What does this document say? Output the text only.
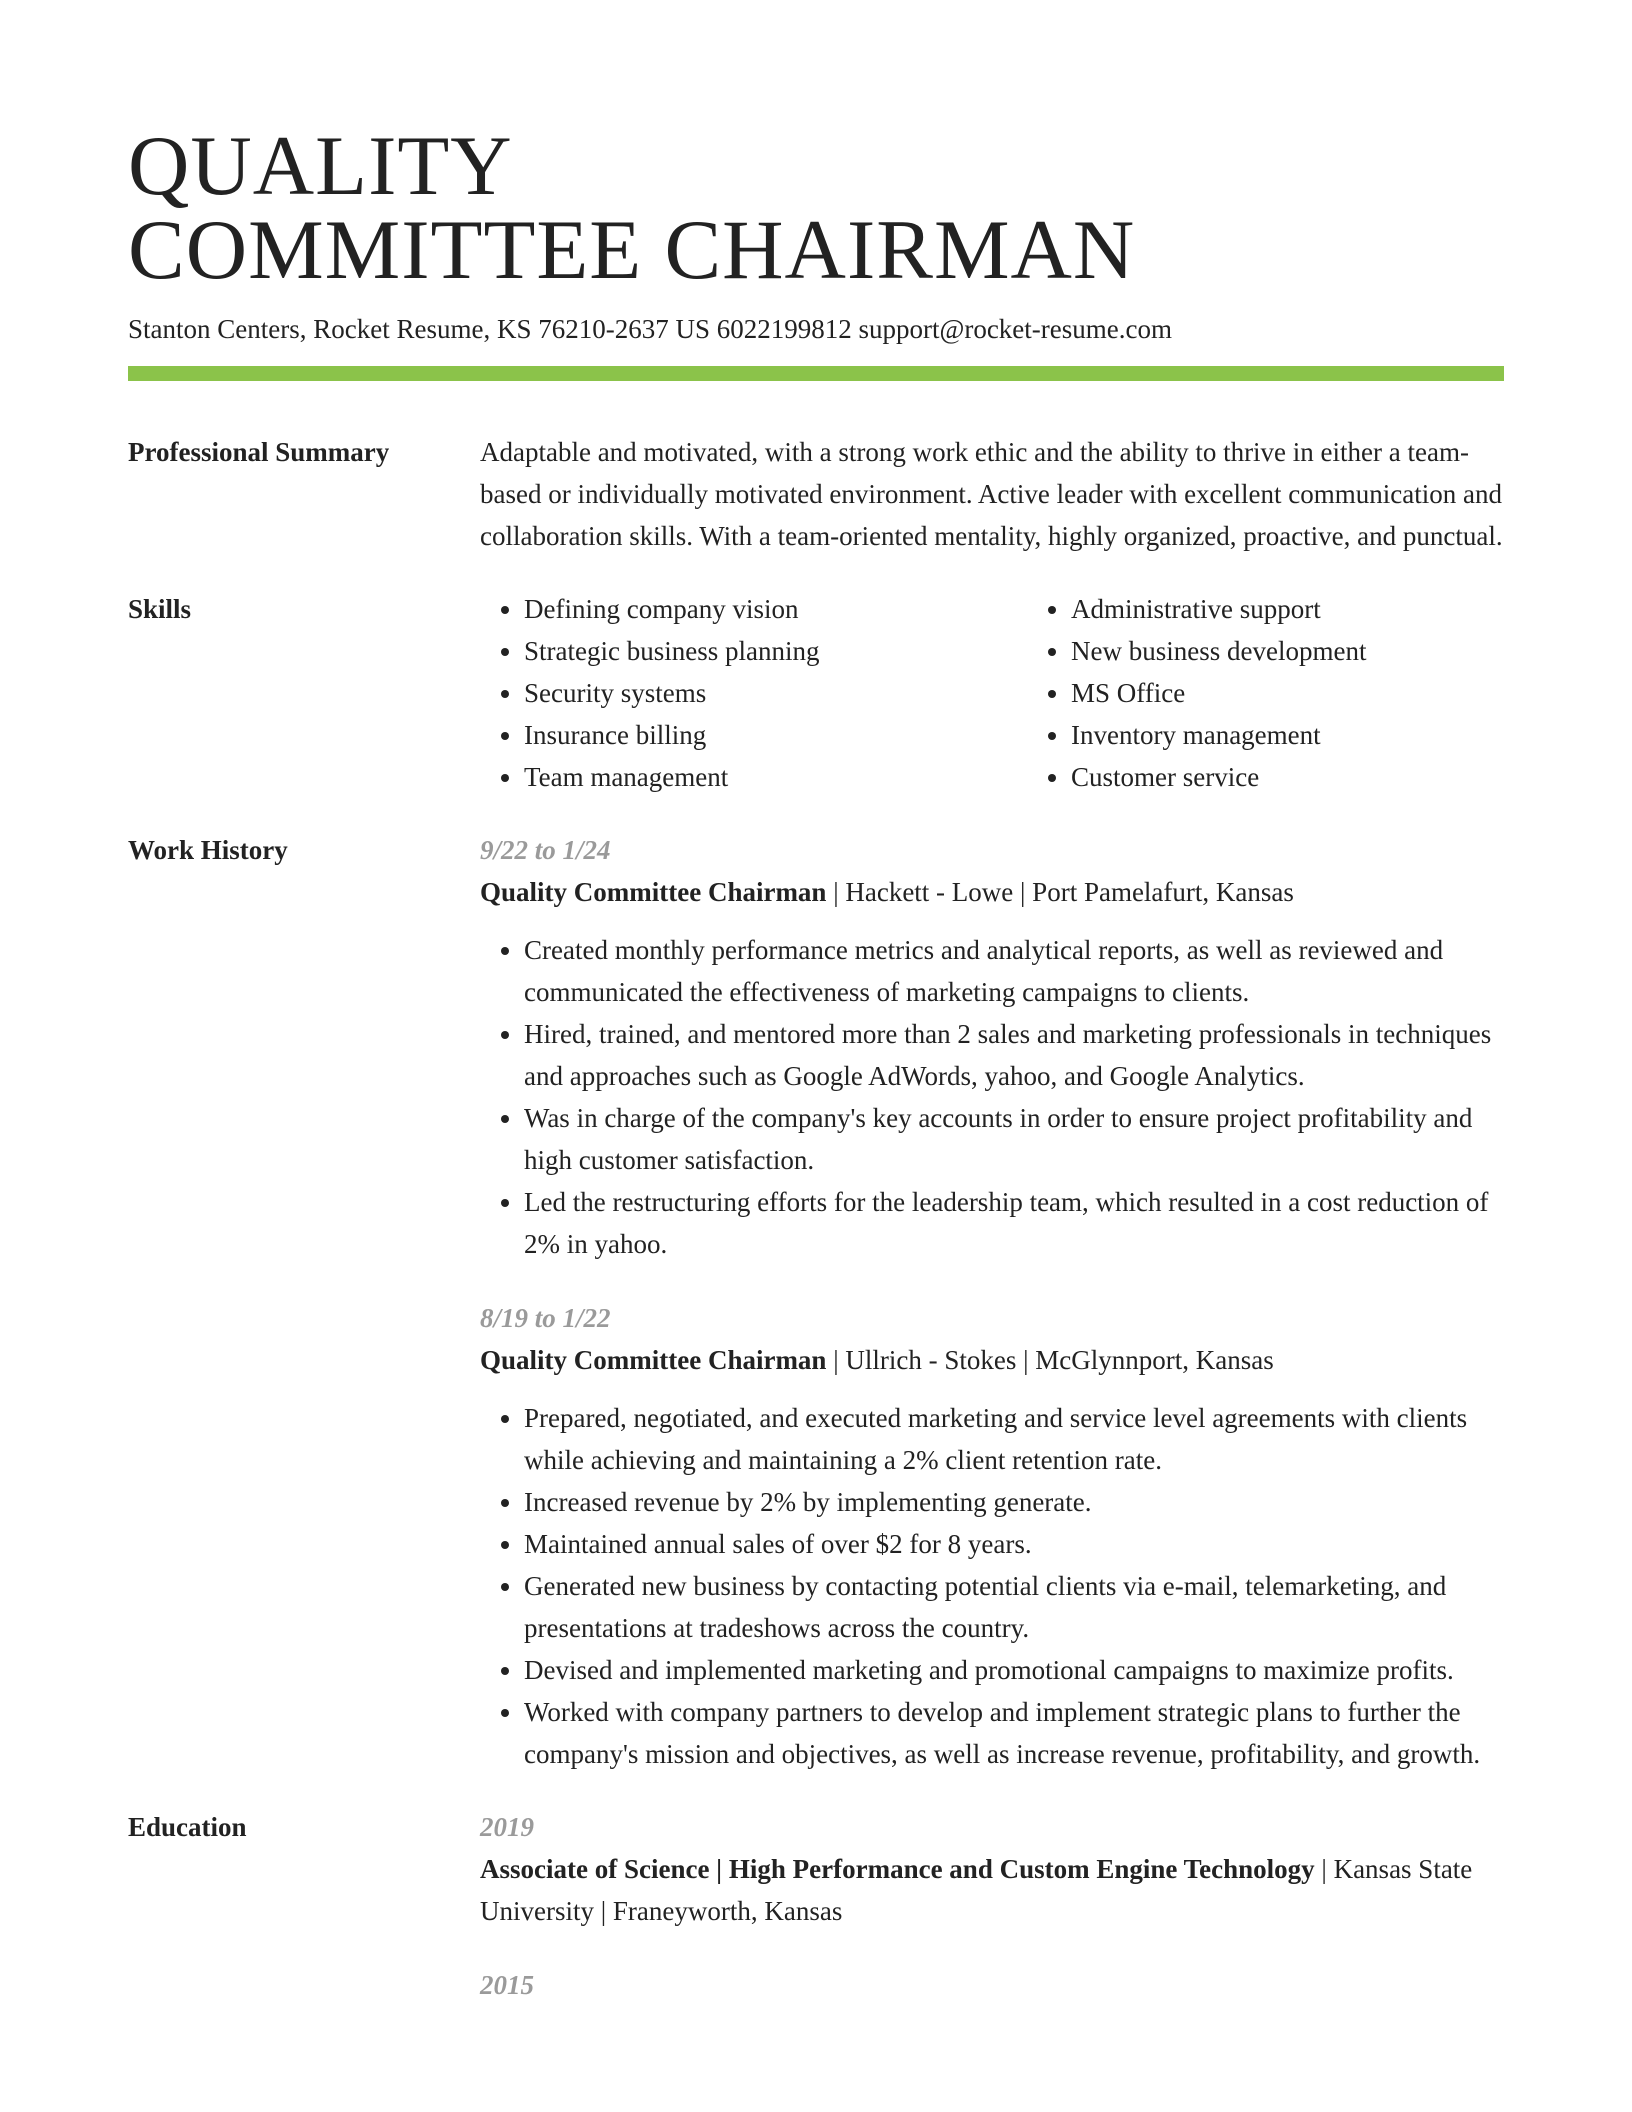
QUALITY
COMMITTEE CHAIRMAN
Stanton Centers, Rocket Resume, KS 76210-2637 US 6022199812 support@rocket-resume.com
Professional Summary	Adaptable and motivated, with a strong work ethic and the ability to thrive in either a team-based or individually motivated environment. Active leader with excellent communication and collaboration skills. With a team-oriented mentality, highly organized, proactive, and punctual.
Skills
•	Defining company vision
• Strategic business planning
• Security systems
• Insurance billing
• Team management
• Administrative support
• New business development
• MS Office
• Inventory management
• Customer service
Work History	9/22 to 1/24
Quality Committee Chairman | Hackett - Lowe | Port Pamelafurt, Kansas
• Created monthly performance metrics and analytical reports, as well as reviewed and communicated the effectiveness of marketing campaigns to clients.
• Hired, trained, and mentored more than 2 sales and marketing professionals in techniques and approaches such as Google AdWords, yahoo, and Google Analytics.
• Was in charge of the company's key accounts in order to ensure project profitability and high customer satisfaction.
• Led the restructuring efforts for the leadership team, which resulted in a cost reduction of 2% in yahoo.
8/19 to 1/22
Quality Committee Chairman | Ullrich - Stokes | McGlynnport, Kansas
• Prepared, negotiated, and executed marketing and service level agreements with clients while achieving and maintaining a 2% client retention rate.
• Increased revenue by 2% by implementing generate.
• Maintained annual sales of over $2 for 8 years.
• Generated new business by contacting potential clients via e-mail, telemarketing, and presentations at tradeshows across the country.
• Devised and implemented marketing and promotional campaigns to maximize profits.
• Worked with company partners to develop and implement strategic plans to further the company's mission and objectives, as well as increase revenue, profitability, and growth.
Education	2019
Associate of Science | High Performance and Custom Engine Technology | Kansas State University | Franeyworth, Kansas
2015
